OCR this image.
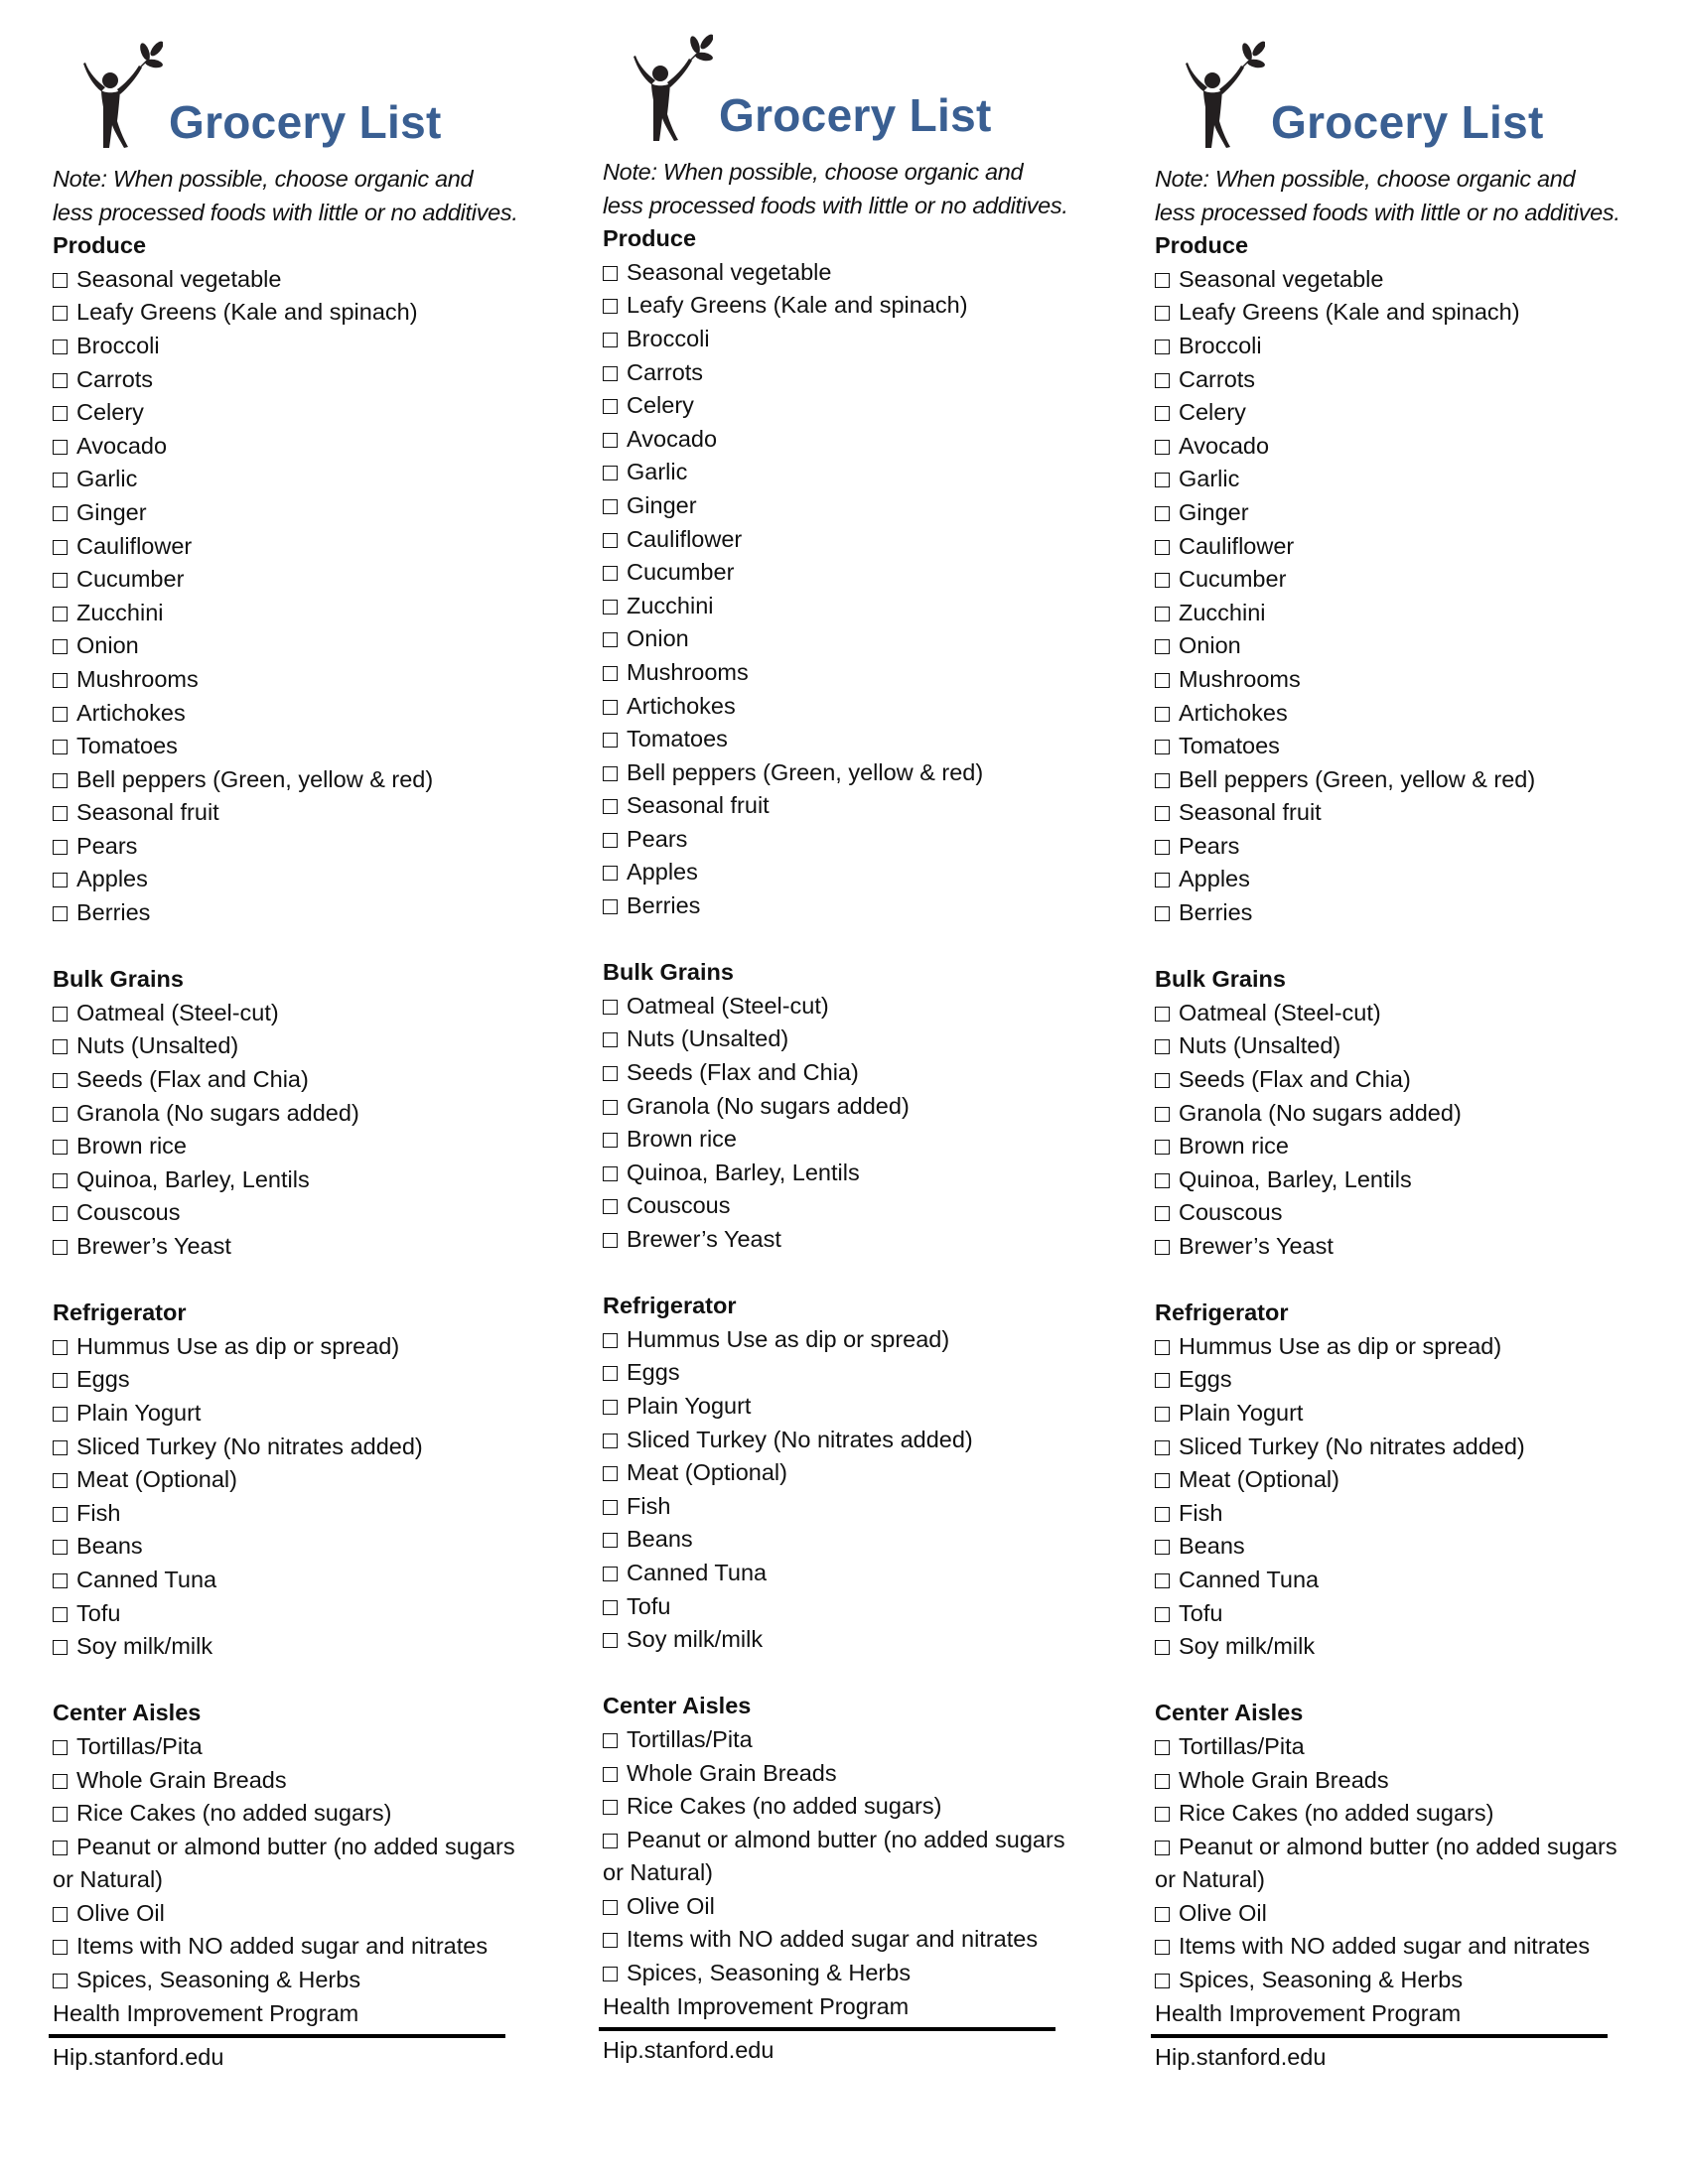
Grocery List

Note: When possible, choose organic and less processed foods with little or no additives.

Produce
Seasonal vegetable
Leafy Greens (Kale and spinach)
Broccoli
Carrots
Celery
Avocado
Garlic
Ginger
Cauliflower
Cucumber
Zucchini
Onion
Mushrooms
Artichokes
Tomatoes
Bell peppers (Green, yellow & red)
Seasonal fruit
Pears
Apples
Berries
Bulk Grains
Oatmeal (Steel-cut)
Nuts (Unsalted)
Seeds (Flax and Chia)
Granola (No sugars added)
Brown rice
Quinoa, Barley, Lentils
Couscous
Brewer’s Yeast
Refrigerator
Hummus Use as dip or spread)
Eggs
Plain Yogurt
Sliced Turkey (No nitrates added)
Meat (Optional)
Fish
Beans
Canned Tuna
Tofu
Soy milk/milk
Center Aisles
Tortillas/Pita
Whole Grain Breads
Rice Cakes (no added sugars)
Peanut or almond butter (no added sugars or Natural)
Olive Oil
Items with NO added sugar and nitrates
Spices, Seasoning & Herbs

Health Improvement Program

Hip.stanford.edu
Grocery List

Note: When possible, choose organic and less processed foods with little or no additives.

Produce
Seasonal vegetable
Leafy Greens (Kale and spinach)
Broccoli
Carrots
Celery
Avocado
Garlic
Ginger
Cauliflower
Cucumber
Zucchini
Onion
Mushrooms
Artichokes
Tomatoes
Bell peppers (Green, yellow & red)
Seasonal fruit
Pears
Apples
Berries
Bulk Grains
Oatmeal (Steel-cut)
Nuts (Unsalted)
Seeds (Flax and Chia)
Granola (No sugars added)
Brown rice
Quinoa, Barley, Lentils
Couscous
Brewer’s Yeast
Refrigerator
Hummus Use as dip or spread)
Eggs
Plain Yogurt
Sliced Turkey (No nitrates added)
Meat (Optional)
Fish
Beans
Canned Tuna
Tofu
Soy milk/milk
Center Aisles
Tortillas/Pita
Whole Grain Breads
Rice Cakes (no added sugars)
Peanut or almond butter (no added sugars or Natural)
Olive Oil
Items with NO added sugar and nitrates
Spices, Seasoning & Herbs

Health Improvement Program

Hip.stanford.edu
Grocery List

Note: When possible, choose organic and less processed foods with little or no additives.

Produce
Seasonal vegetable
Leafy Greens (Kale and spinach)
Broccoli
Carrots
Celery
Avocado
Garlic
Ginger
Cauliflower
Cucumber
Zucchini
Onion
Mushrooms
Artichokes
Tomatoes
Bell peppers (Green, yellow & red)
Seasonal fruit
Pears
Apples
Berries
Bulk Grains
Oatmeal (Steel-cut)
Nuts (Unsalted)
Seeds (Flax and Chia)
Granola (No sugars added)
Brown rice
Quinoa, Barley, Lentils
Couscous
Brewer’s Yeast
Refrigerator
Hummus Use as dip or spread)
Eggs
Plain Yogurt
Sliced Turkey (No nitrates added)
Meat (Optional)
Fish
Beans
Canned Tuna
Tofu
Soy milk/milk
Center Aisles
Tortillas/Pita
Whole Grain Breads
Rice Cakes (no added sugars)
Peanut or almond butter (no added sugars or Natural)
Olive Oil
Items with NO added sugar and nitrates
Spices, Seasoning & Herbs

Health Improvement Program

Hip.stanford.edu
